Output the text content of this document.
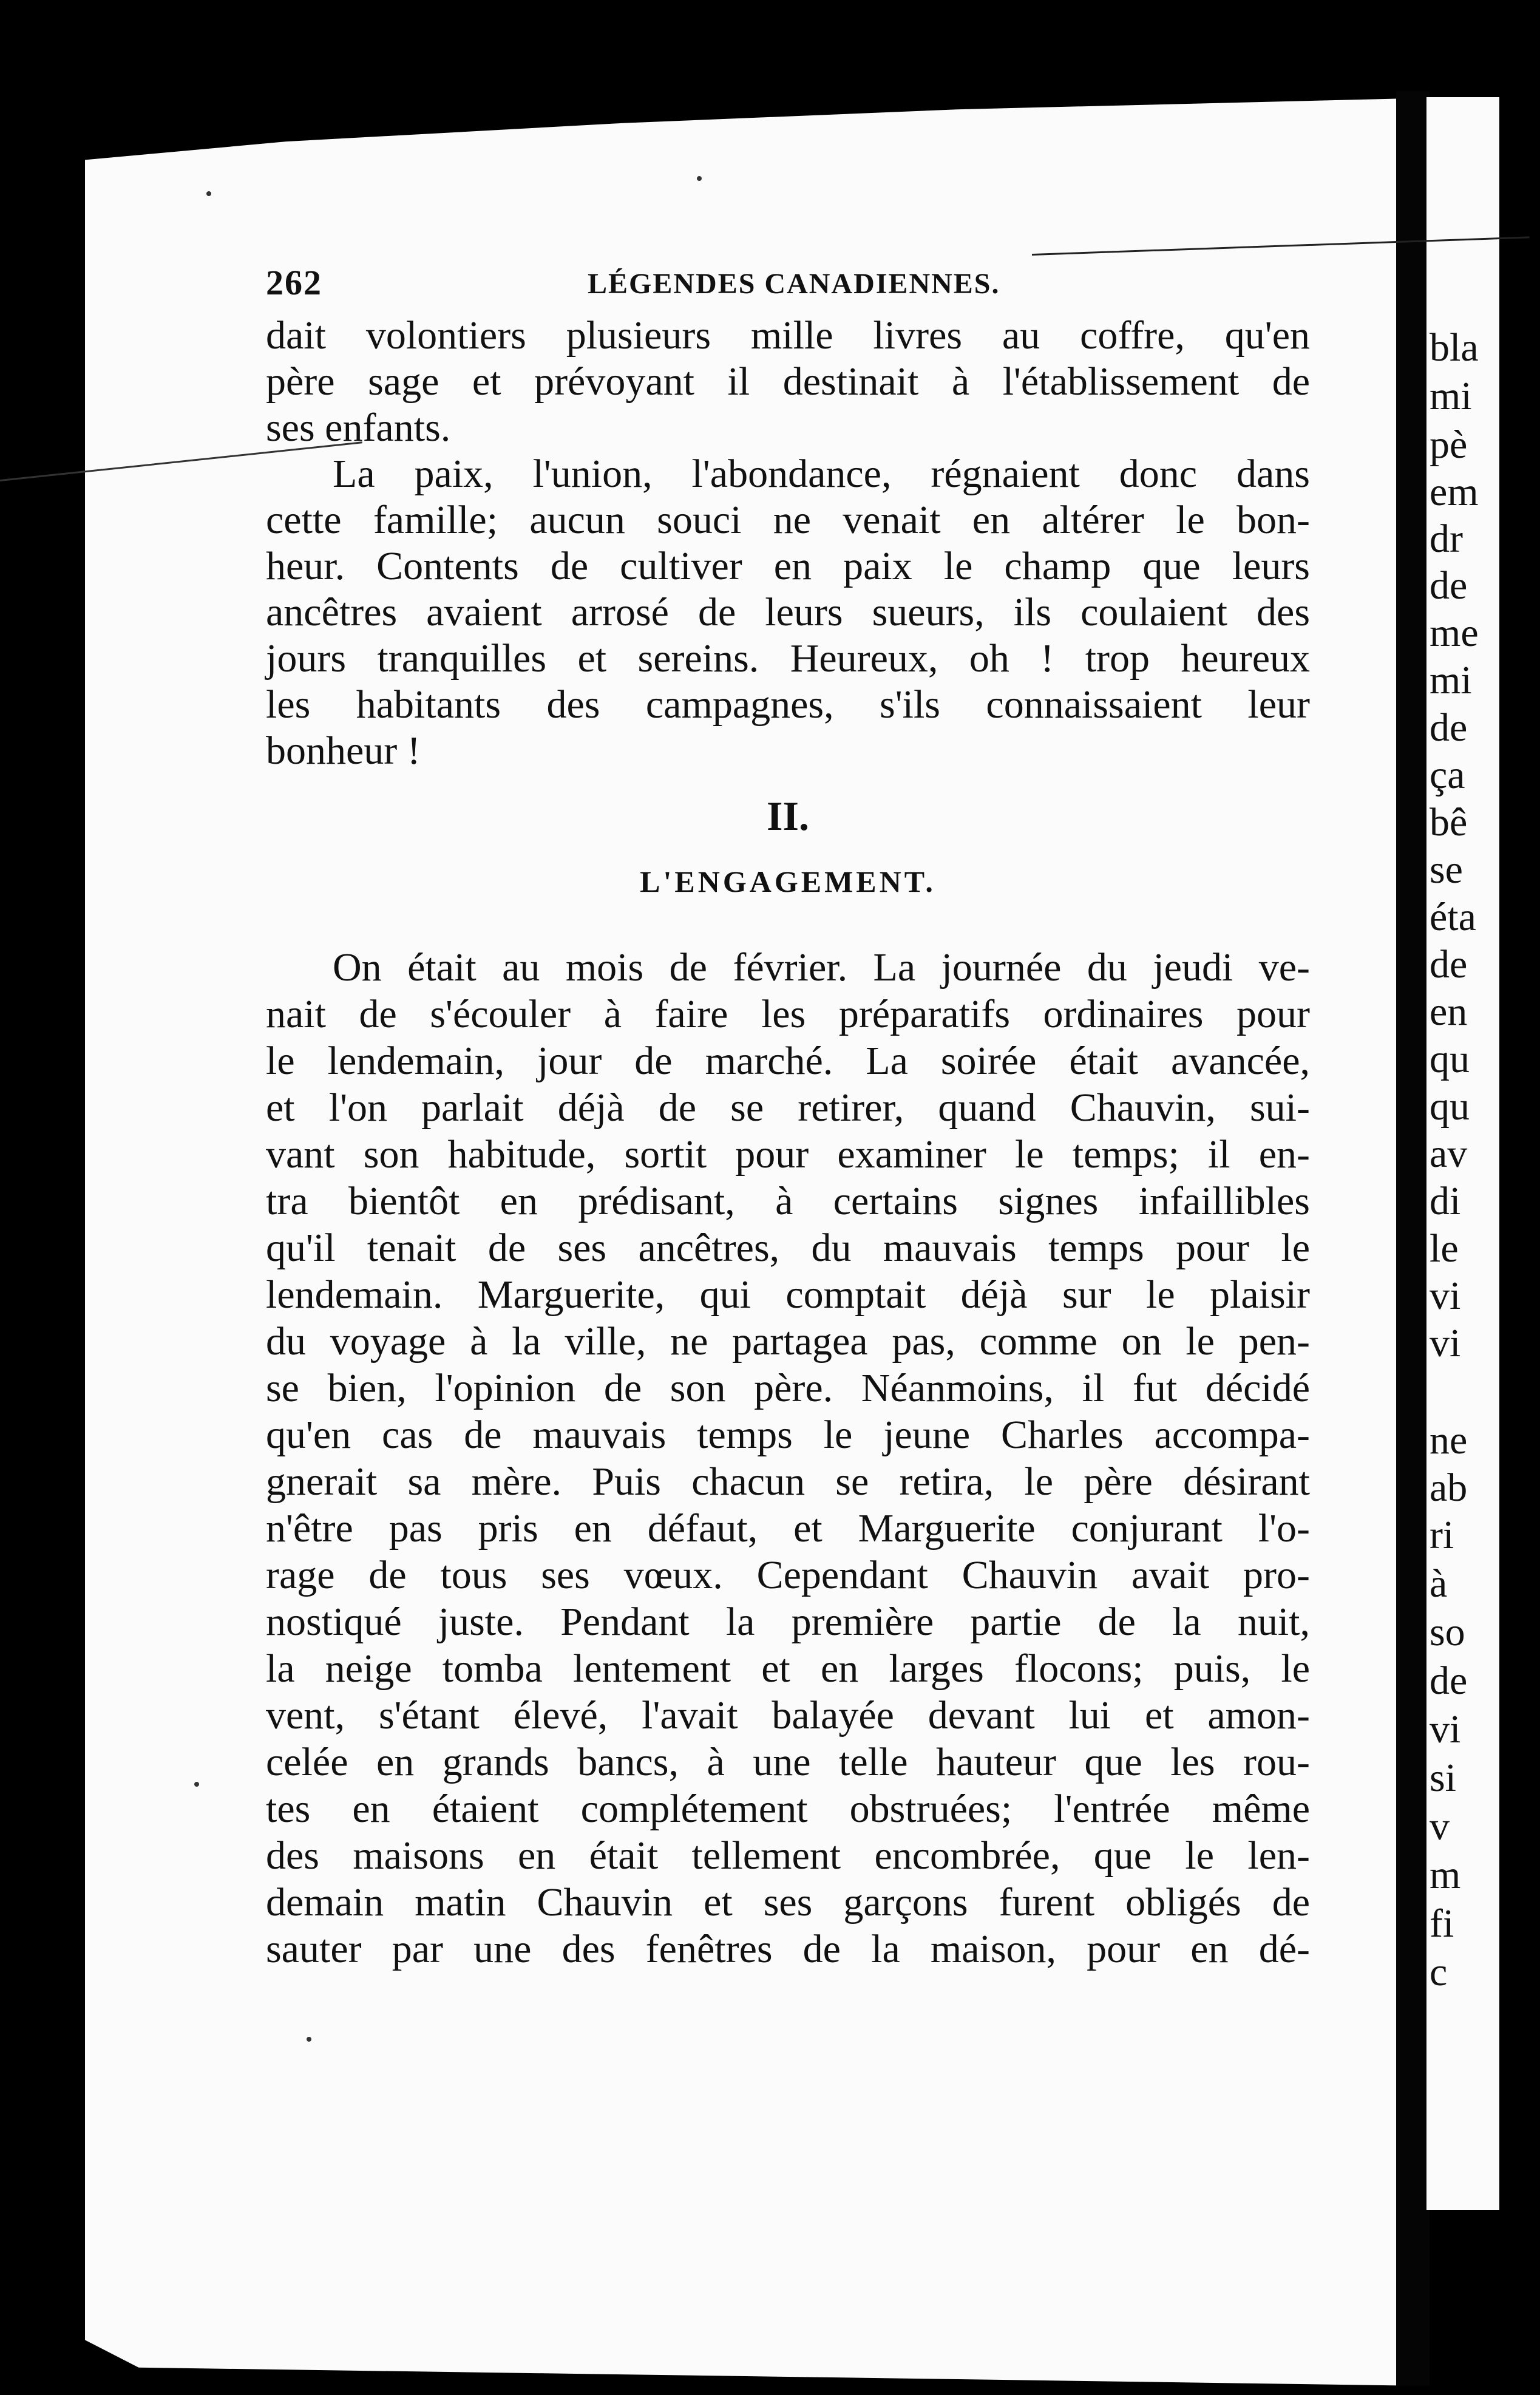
bla
mi
pè
em
dr
de
me
mi
de
ça
bê
se
éta
de
en
qu
qu
av
di
le
vi
vi
ne
ab
ri
à
so
de
vi
si
v
m
fi
c
262	LÉGENDES CANADIENNES.
dait volontiers plusieurs mille livres au coffre, qu'en
père sage et prévoyant il destinait à l'établissement de
ses enfants.
La paix, l'union, l'abondance, régnaient donc dans
cette famille; aucun souci ne venait en altérer le bon-
heur. Contents de cultiver en paix le champ que leurs
ancêtres avaient arrosé de leurs sueurs, ils coulaient des
jours tranquilles et sereins. Heureux, oh ! trop heureux
les habitants des campagnes, s'ils connaissaient leur
bonheur !
II.
L'ENGAGEMENT.
On était au mois de février. La journée du jeudi ve-
nait de s'écouler à faire les préparatifs ordinaires pour
le lendemain, jour de marché. La soirée était avancée,
et l'on parlait déjà de se retirer, quand Chauvin, sui-
vant son habitude, sortit pour examiner le temps; il en-
tra bientôt en prédisant, à certains signes infaillibles
qu'il tenait de ses ancêtres, du mauvais temps pour le
lendemain. Marguerite, qui comptait déjà sur le plaisir
du voyage à la ville, ne partagea pas, comme on le pen-
se bien, l'opinion de son père. Néanmoins, il fut décidé
qu'en cas de mauvais temps le jeune Charles accompa-
gnerait sa mère. Puis chacun se retira, le père désirant
n'être pas pris en défaut, et Marguerite conjurant l'o-
rage de tous ses vœux. Cependant Chauvin avait pro-
nostiqué juste. Pendant la première partie de la nuit,
la neige tomba lentement et en larges flocons; puis, le
vent, s'étant élevé, l'avait balayée devant lui et amon-
celée en grands bancs, à une telle hauteur que les rou-
tes en étaient complétement obstruées; l'entrée même
des maisons en était tellement encombrée, que le len-
demain matin Chauvin et ses garçons furent obligés de
sauter par une des fenêtres de la maison, pour en dé-
